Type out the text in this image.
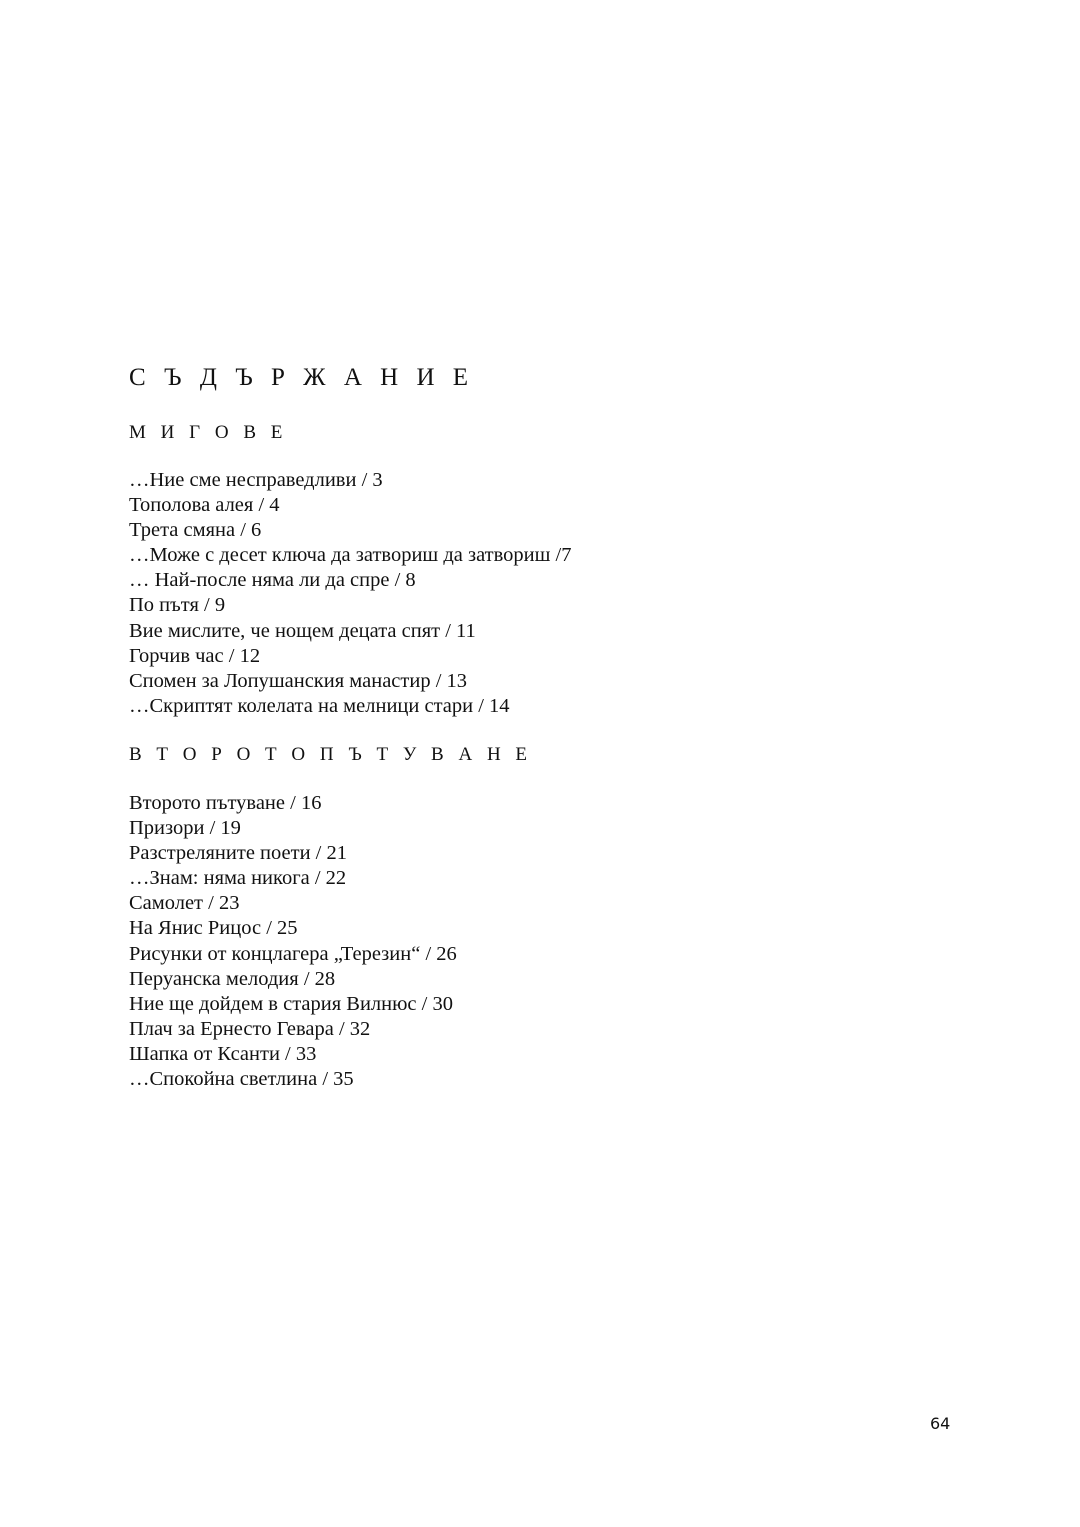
С Ъ Д Ъ Р Ж А Н И Е
М И Г О В Е
…Ние сме несправедливи / 3
Тополова алея / 4
Трета смяна / 6
…Може с десет ключа да затвориш да затвориш /7
… Най-после няма ли да спре / 8
По пътя / 9
Вие мислите, че нощем децата спят / 11
Горчив час / 12
Спомен за Лопушанския манастир / 13
…Скриптят колелата на мелници стари / 14
В Т О Р О Т О П Ъ Т У В А Н Е
Второто пътуване / 16
Призори / 19
Разстреляните поети / 21
…Знам: няма никога / 22
Самолет / 23
На Янис Рицос / 25
Рисунки от концлагера „Терезин“ / 26
Перуанска мелодия / 28
Ние ще дойдем в стария Вилнюс / 30
Плач за Ернесто Гевара / 32
Шапка от Ксанти / 33
…Спокойна светлина / 35
64
